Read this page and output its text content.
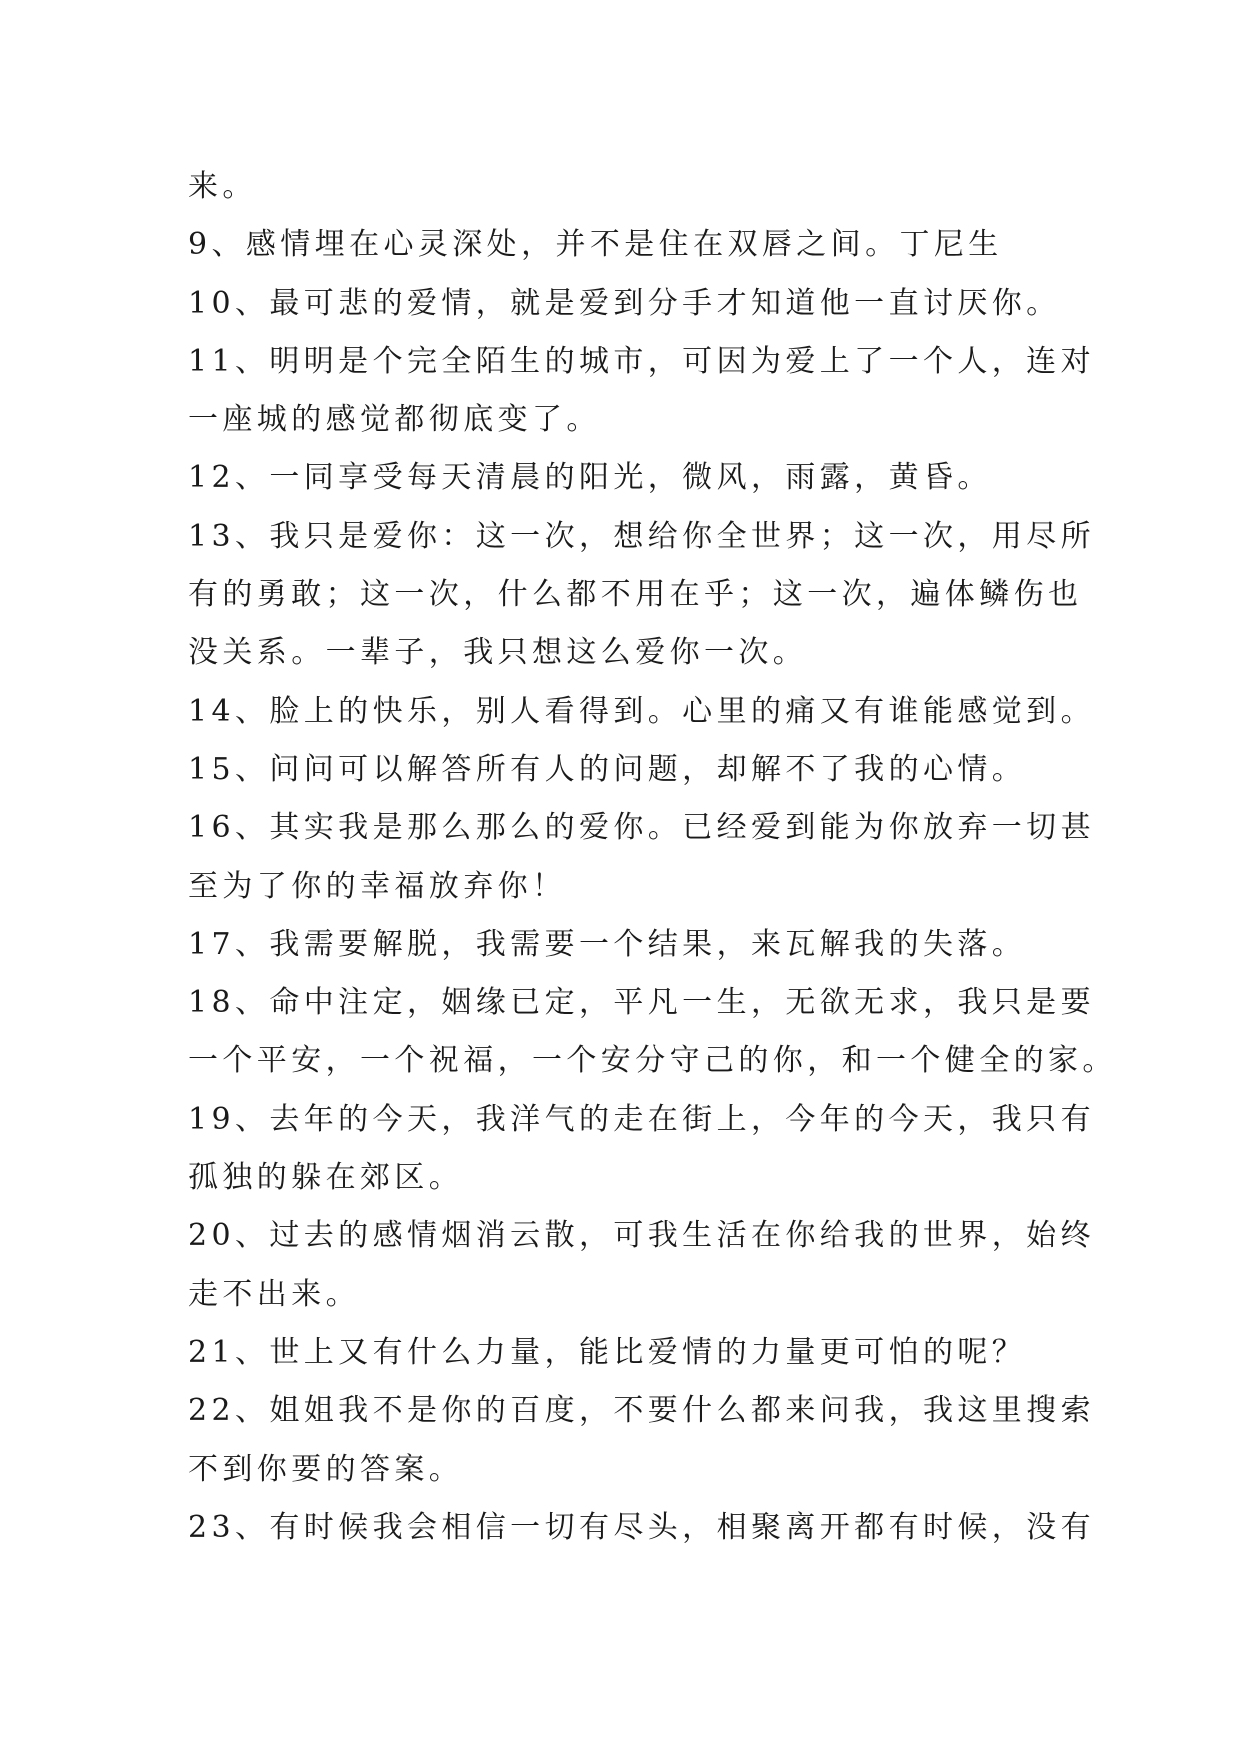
来。
9、感情埋在心灵深处，并不是住在双唇之间。丁尼生
10、最可悲的爱情，就是爱到分手才知道他一直讨厌你。
11、明明是个完全陌生的城市，可因为爱上了一个人，连对
一座城的感觉都彻底变了。
12、一同享受每天清晨的阳光，微风，雨露，黄昏。
13、我只是爱你：这一次，想给你全世界；这一次，用尽所
有的勇敢；这一次，什么都不用在乎；这一次，遍体鳞伤也
没关系。一辈子，我只想这么爱你一次。
14、脸上的快乐，别人看得到。心里的痛又有谁能感觉到。
15、问问可以解答所有人的问题，却解不了我的心情。
16、其实我是那么那么的爱你。已经爱到能为你放弃一切甚
至为了你的幸福放弃你！
17、我需要解脱，我需要一个结果，来瓦解我的失落。
18、命中注定，姻缘已定，平凡一生，无欲无求，我只是要
一个平安，一个祝福，一个安分守己的你，和一个健全的家。
19、去年的今天，我洋气的走在街上，今年的今天，我只有
孤独的躲在郊区。
20、过去的感情烟消云散，可我生活在你给我的世界，始终
走不出来。
21、世上又有什么力量，能比爱情的力量更可怕的呢？
22、姐姐我不是你的百度，不要什么都来问我，我这里搜索
不到你要的答案。
23、有时候我会相信一切有尽头，相聚离开都有时候，没有
